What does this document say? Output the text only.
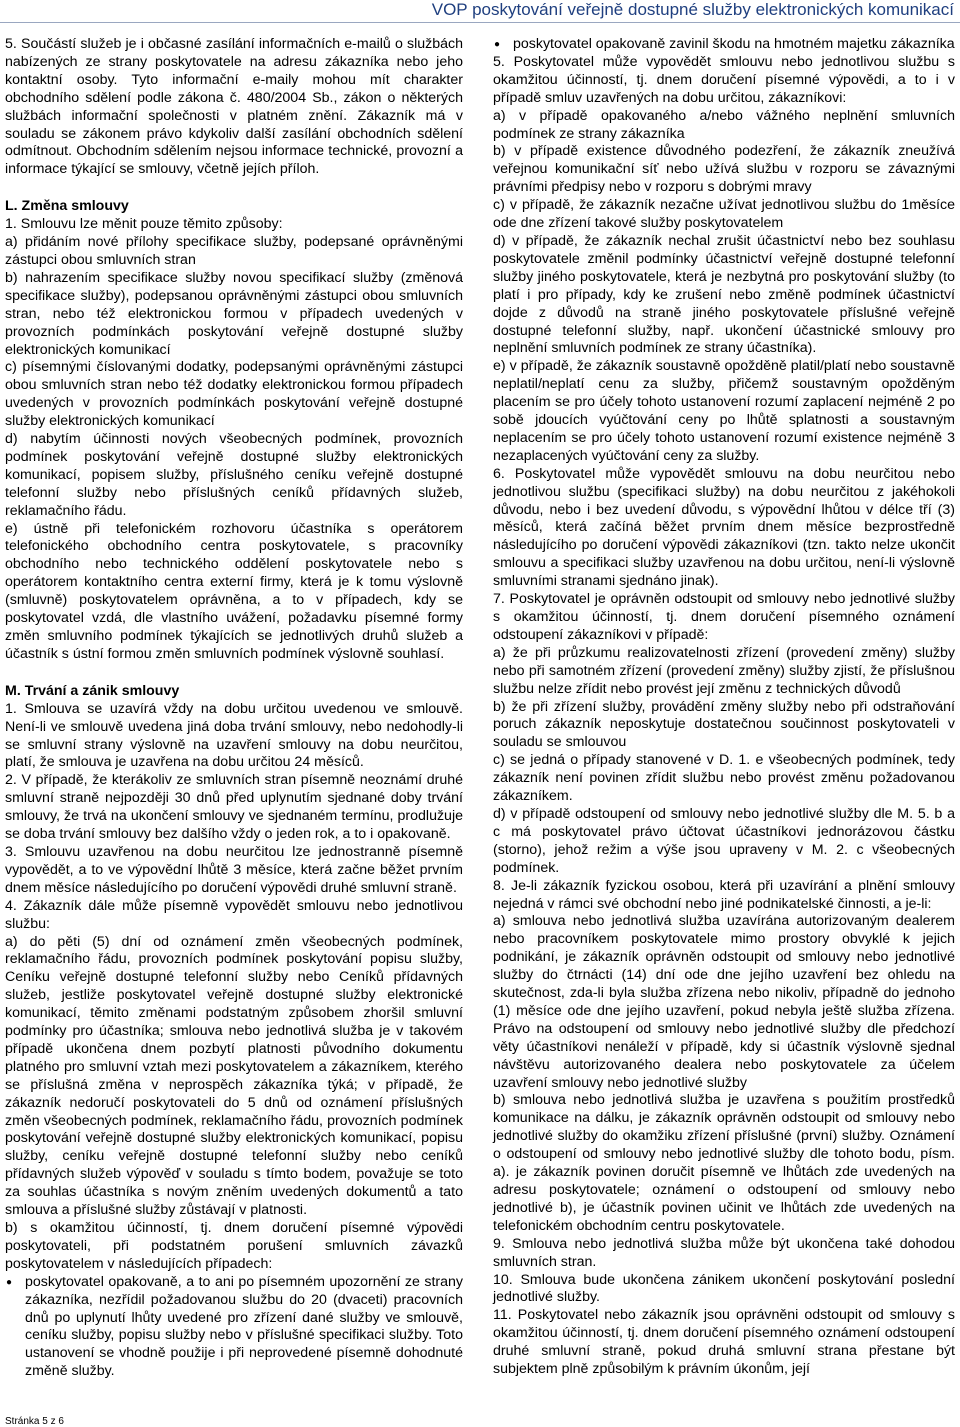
VOP poskytování veřejně dostupné služby elektronických komunikací

5. Součástí služeb je i občasné zasílání informačních e-mailů o službách nabízených ze strany poskytovatele na adresu zákazníka nebo jeho kontaktní osoby. Tyto informační e-maily mohou mít charakter obchodního sdělení podle zákona č. 480/2004 Sb., zákon o některých službách informační společnosti v platném znění. Zákazník má v souladu se zákonem právo kdykoliv další zasílání obchodních sdělení odmítnout. Obchodním sdělením nejsou informace technické, provozní a informace týkající se smlouvy, včetně jejích příloh.

L. Změna smlouvy

1. Smlouvu lze měnit pouze těmito způsoby:

a) přidáním nové přílohy specifikace služby, podepsané oprávněnými zástupci obou smluvních stran

b) nahrazením specifikace služby novou specifikací služby (změnová specifikace služby), podepsanou oprávněnými zástupci obou smluvních stran, nebo též elektronickou formou v případech uvedených v provozních podmínkách poskytování veřejně dostupné služby elektronických komunikací

c) písemnými číslovanými dodatky, podepsanými oprávněnými zástupci obou smluvních stran nebo též dodatky elektronickou formou případech uvedených v provozních podmínkách poskytování veřejně dostupné služby elektronických komunikací

d) nabytím účinnosti nových všeobecných podmínek, provozních podmínek poskytování veřejně dostupné služby elektronických komunikací, popisem služby, příslušného ceníku veřejně dostupné telefonní služby nebo příslušných ceníků přídavných služeb, reklamačního řádu.

e) ústně při telefonickém rozhovoru účastníka s operátorem telefonického obchodního centra poskytovatele, s pracovníky obchodního nebo technického oddělení poskytovatele nebo s operátorem kontaktního centra externí firmy, která je k tomu výslovně (smluvně) poskytovatelem oprávněna, a to v případech, kdy se poskytovatel vzdá, dle vlastního uvážení, požadavku písemné formy změn smluvního podmínek týkajících se jednotlivých druhů služeb a účastník s ústní formou změn smluvních podmínek výslovně souhlasí.

M. Trvání a zánik smlouvy

1. Smlouva se uzavírá vždy na dobu určitou uvedenou ve smlouvě. Není-li ve smlouvě uvedena jiná doba trvání smlouvy, nebo nedohodly-li se smluvní strany výslovně na uzavření smlouvy na dobu neurčitou, platí, že smlouva je uzavřena na dobu určitou 24 měsíců.

2. V případě, že kterákoliv ze smluvních stran písemně neoznámí druhé smluvní straně nejpozději 30 dnů před uplynutím sjednané doby trvání smlouvy, že trvá na ukončení smlouvy ve sjednaném termínu, prodlužuje se doba trvání smlouvy bez dalšího vždy o jeden rok, a to i opakovaně.

3. Smlouvu uzavřenou na dobu neurčitou lze jednostranně písemně vypovědět, a to ve výpovědní lhůtě 3 měsíce, která začne běžet prvním dnem měsíce následujícího po doručení výpovědi druhé smluvní straně.

4. Zákazník dále může písemně vypovědět smlouvu nebo jednotlivou službu:

a) do pěti (5) dní od oznámení změn všeobecných podmínek, reklamačního řádu, provozních podmínek poskytování popisu služby, Ceníku veřejně dostupné telefonní služby nebo Ceníků přídavných služeb, jestliže poskytovatel veřejně dostupné služby elektronické komunikací, těmito změnami podstatným způsobem zhoršil smluvní podmínky pro účastníka; smlouva nebo jednotlivá služba je v takovém případě ukončena dnem pozbytí platnosti původního dokumentu platného pro smluvní vztah mezi poskytovatelem a zákazníkem, kterého se příslušná změna v neprospěch zákazníka týká; v případě, že zákazník nedoručí poskytovateli do 5 dnů od oznámení příslušných změn všeobecných podmínek, reklamačního řádu, provozních podmínek poskytování veřejně dostupné služby elektronických komunikací, popisu služby, ceníku veřejně dostupné telefonní služby nebo ceníků přídavných služeb výpověď v souladu s tímto bodem, považuje se toto za souhlas účastníka s novým zněním uvedených dokumentů a tato smlouva a příslušné služby zůstávají v platnosti.

b) s okamžitou účinností, tj. dnem doručení písemné výpovědi poskytovateli, při podstatném porušení smluvních závazků poskytovatelem v následujících případech:

● poskytovatel opakovaně, a to ani po písemném upozornění ze strany zákazníka, nezřídil požadovanou službu do 20 (dvaceti) pracovních dnů po uplynutí lhůty uvedené pro zřízení dané služby ve smlouvě, ceníku služby, popisu služby nebo v příslušné specifikaci služby. Toto ustanovení se vhodně použije i při neprovedené písemně dohodnuté změně služby.
● poskytovatel opakovaně zavinil škodu na hmotném majetku zákazníka

5. Poskytovatel může vypovědět smlouvu nebo jednotlivou službu s okamžitou účinností, tj. dnem doručení písemné výpovědi, a to i v případě smluv uzavřených na dobu určitou, zákazníkovi:

a) v případě opakovaného a/nebo vážného neplnění smluvních podmínek ze strany zákazníka

b) v případě existence důvodného podezření, že zákazník zneužívá veřejnou komunikační síť nebo užívá službu v rozporu se závaznými právními předpisy nebo v rozporu s dobrými mravy

c) v případě, že zákazník nezačne užívat jednotlivou službu do 1měsíce ode dne zřízení takové služby poskytovatelem

d) v případě, že zákazník nechal zrušit účastnictví nebo bez souhlasu poskytovatele změnil podmínky účastnictví veřejně dostupné telefonní služby jiného poskytovatele, která je nezbytná pro poskytování služby (to platí i pro případy, kdy ke zrušení nebo změně podmínek účastnictví dojde z důvodů na straně jiného poskytovatele příslušné veřejně dostupné telefonní služby, např. ukončení účastnické smlouvy pro neplnění smluvních podmínek ze strany účastníka).

e) v případě, že zákazník soustavně opožděně platil/platí nebo soustavně neplatil/neplatí cenu za služby, přičemž soustavným opožděným placením se pro účely tohoto ustanovení rozumí zaplacení nejméně 2 po sobě jdoucích vyúčtování ceny po lhůtě splatnosti a soustavným neplacením se pro účely tohoto ustanovení rozumí existence nejméně 3 nezaplacených vyúčtování ceny za služby.

6. Poskytovatel může vypovědět smlouvu na dobu neurčitou nebo jednotlivou službu (specifikaci služby) na dobu neurčitou z jakéhokoli důvodu, nebo i bez uvedení důvodu, s výpovědní lhůtou v délce tří (3) měsíců, která začíná běžet prvním dnem měsíce bezprostředně následujícího po doručení výpovědi zákazníkovi (tzn. takto nelze ukončit smlouvu a specifikaci služby uzavřenou na dobu určitou, není-li výslovně smluvními stranami sjednáno jinak).

7. Poskytovatel je oprávněn odstoupit od smlouvy nebo jednotlivé služby s okamžitou účinností, tj. dnem doručení písemného oznámení odstoupení zákazníkovi v případě:

a) že při průzkumu realizovatelnosti zřízení (provedení změny) služby nebo při samotném zřízení (provedení změny) služby zjistí, že příslušnou službu nelze zřídit nebo provést její změnu z technických důvodů

b) že při zřízení služby, provádění změny služby nebo při odstraňování poruch zákazník neposkytuje dostatečnou součinnost poskytovateli v souladu se smlouvou

c) se jedná o případy stanovené v D. 1. e všeobecných podmínek, tedy zákazník není povinen zřídit službu nebo provést změnu požadovanou zákazníkem.

d) v případě odstoupení od smlouvy nebo jednotlivé služby dle M. 5. b a c má poskytovatel právo účtovat účastníkovi jednorázovou částku (storno), jehož režim a výše jsou upraveny v M. 2. c všeobecných podmínek.

8. Je-li zákazník fyzickou osobou, která při uzavírání a plnění smlouvy nejedná v rámci své obchodní nebo jiné podnikatelské činnosti, a je-li:

a) smlouva nebo jednotlivá služba uzavírána autorizovaným dealerem nebo pracovníkem poskytovatele mimo prostory obvyklé k jejich podnikání, je zákazník oprávněn odstoupit od smlouvy nebo jednotlivé služby do čtrnácti (14) dní ode dne jejího uzavření bez ohledu na skutečnost, zda-li byla služba zřízena nebo nikoliv, případně do jednoho (1) měsíce ode dne jejího uzavření, pokud nebyla ještě služba zřízena. Právo na odstoupení od smlouvy nebo jednotlivé služby dle předchozí věty účastníkovi nenáleží v případě, kdy si účastník výslovně sjednal návštěvu autorizovaného dealera nebo poskytovatele za účelem uzavření smlouvy nebo jednotlivé služby

b) smlouva nebo jednotlivá služba je uzavřena s použitím prostředků komunikace na dálku, je zákazník oprávněn odstoupit od smlouvy nebo jednotlivé služby do okamžiku zřízení příslušné (první) služby. Oznámení o odstoupení od smlouvy nebo jednotlivé služby dle tohoto bodu, písm. a). je zákazník povinen doručit písemně ve lhůtách zde uvedených na adresu poskytovatele; oznámení o odstoupení od smlouvy nebo jednotlivé b), je účastník povinen učinit ve lhůtách zde uvedených na telefonickém obchodním centru poskytovatele.

9. Smlouva nebo jednotlivá služba může být ukončena také dohodou smluvních stran.

10. Smlouva bude ukončena zánikem ukončení poskytování poslední jednotlivé služby.

11. Poskytovatel nebo zákazník jsou oprávněni odstoupit od smlouvy s okamžitou účinností, tj. dnem doručení písemného oznámení odstoupení druhé smluvní straně, pokud druhá smluvní strana přestane být subjektem plně způsobilým k právním úkonům, její

Stránka 5 z 6
